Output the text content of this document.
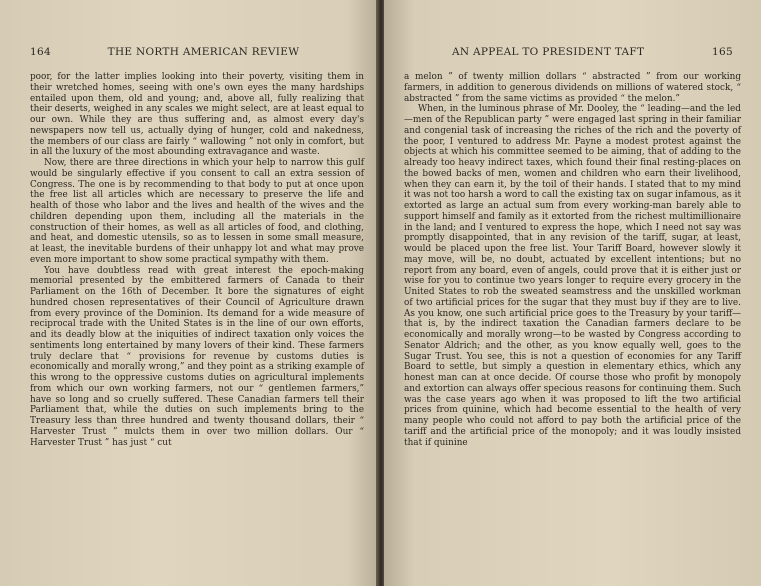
164	THE NORTH AMERICAN REVIEW

poor, for the latter implies looking into their poverty, visiting them in their wretched homes, seeing with one's own eyes the many hardships entailed upon them, old and young; and, above all, fully realizing that their deserts, weighed in any scales we might select, are at least equal to our own. While they are thus suffering and, as almost every day's newspapers now tell us, actually dying of hunger, cold and nakedness, the members of our class are fairly “ wallowing ” not only in comfort, but in all the luxury of the most abounding extravagance and waste.

Now, there are three directions in which your help to narrow this gulf would be singularly effective if you consent to call an extra session of Congress. The one is by recommending to that body to put at once upon the free list all articles which are necessary to preserve the life and health of those who labor and the lives and health of the wives and the children depending upon them, including all the materials in the construction of their homes, as well as all articles of food, and clothing, and heat, and domestic utensils, so as to lessen in some small measure, at least, the inevitable burdens of their unhappy lot and what may prove even more important to show some practical sympathy with them.

You have doubtless read with great interest the epoch-making memorial presented by the embittered farmers of Canada to their Parliament on the 16th of December. It bore the signatures of eight hundred chosen representatives of their Council of Agriculture drawn from every province of the Dominion. Its demand for a wide measure of reciprocal trade with the United States is in the line of our own efforts, and its deadly blow at the iniquities of indirect taxation only voices the sentiments long entertained by many lovers of their kind. These farmers truly declare that “ provisions for revenue by customs duties is economically and morally wrong,” and they point as a striking example of this wrong to the oppressive customs duties on agricultural implements from which our own working farmers, not our “ gentlemen farmers,” have so long and so cruelly suffered. These Canadian farmers tell their Parliament that, while the duties on such implements bring to the Treasury less than three hundred and twenty thousand dollars, their “ Harvester Trust ” mulcts them in over two million dollars. Our “ Harvester Trust ” has just “ cut

AN APPEAL TO PRESIDENT TAFT	165

a melon ” of twenty million dollars “ abstracted ” from our working farmers, in addition to generous dividends on millions of watered stock, “ abstracted ” from the same victims as provided “ the melon.”

When, in the luminous phrase of Mr. Dooley, the “ leading—and the led—men of the Republican party ” were engaged last spring in their familiar and congenial task of increasing the riches of the rich and the poverty of the poor, I ventured to address Mr. Payne a modest protest against the objects at which his committee seemed to be aiming, that of adding to the already too heavy indirect taxes, which found their final resting-places on the bowed backs of men, women and children who earn their livelihood, when they can earn it, by the toil of their hands. I stated that to my mind it was not too harsh a word to call the existing tax on sugar infamous, as it extorted as large an actual sum from every working-man barely able to support himself and family as it extorted from the richest multimillionaire in the land; and I ventured to express the hope, which I need not say was promptly disappointed, that in any revision of the tariff, sugar, at least, would be placed upon the free list. Your Tariff Board, however slowly it may move, will be, no doubt, actuated by excellent intentions; but no report from any board, even of angels, could prove that it is either just or wise for you to continue two years longer to require every grocery in the United States to rob the sweated seamstress and the unskilled workman of two artificial prices for the sugar that they must buy if they are to live. As you know, one such artificial price goes to the Treasury by your tariff—that is, by the indirect taxation the Canadian farmers declare to be economically and morally wrong—to be wasted by Congress according to Senator Aldrich; and the other, as you know equally well, goes to the Sugar Trust. You see, this is not a question of economies for any Tariff Board to settle, but simply a question in elementary ethics, which any honest man can at once decide. Of course those who profit by monopoly and extortion can always offer specious reasons for continuing them. Such was the case years ago when it was proposed to lift the two artificial prices from quinine, which had become essential to the health of very many people who could not afford to pay both the artificial price of the tariff and the artificial price of the monopoly; and it was loudly insisted that if quinine
